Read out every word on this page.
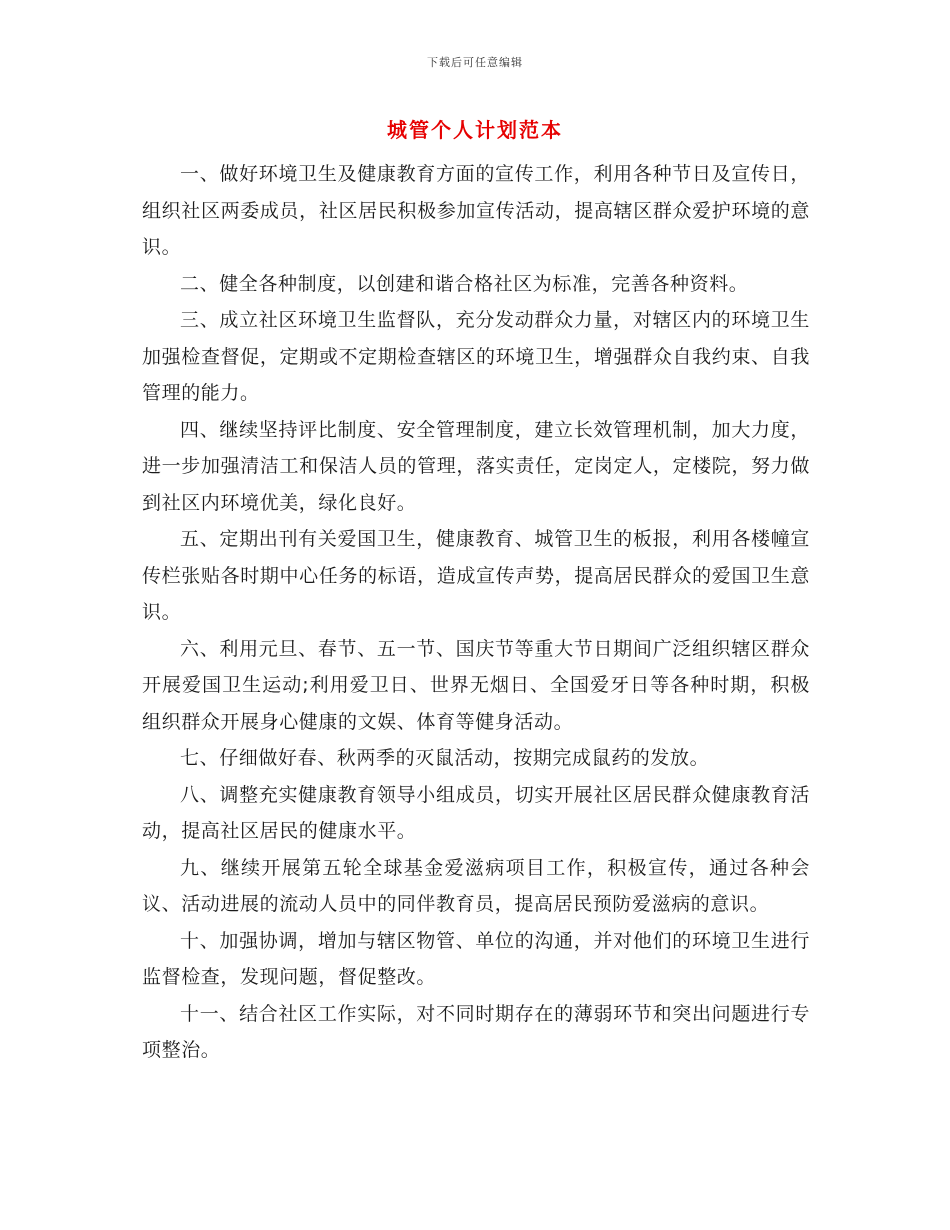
下载后可任意编辑
城管个人计划范本

一、做好环境卫生及健康教育方面的宣传工作，利用各种节日及宣传日，组织社区两委成员，社区居民积极参加宣传活动，提高辖区群众爱护环境的意识。

二、健全各种制度，以创建和谐合格社区为标准，完善各种资料。

三、成立社区环境卫生监督队，充分发动群众力量，对辖区内的环境卫生加强检查督促，定期或不定期检查辖区的环境卫生，增强群众自我约束、自我管理的能力。

四、继续坚持评比制度、安全管理制度，建立长效管理机制，加大力度，进一步加强清洁工和保洁人员的管理，落实责任，定岗定人，定楼院，努力做到社区内环境优美，绿化良好。

五、定期出刊有关爱国卫生，健康教育、城管卫生的板报，利用各楼幢宣传栏张贴各时期中心任务的标语，造成宣传声势，提高居民群众的爱国卫生意识。

六、利用元旦、春节、五一节、国庆节等重大节日期间广泛组织辖区群众开展爱国卫生运动;利用爱卫日、世界无烟日、全国爱牙日等各种时期，积极组织群众开展身心健康的文娱、体育等健身活动。

七、仔细做好春、秋两季的灭鼠活动，按期完成鼠药的发放。

八、调整充实健康教育领导小组成员，切实开展社区居民群众健康教育活动，提高社区居民的健康水平。

九、继续开展第五轮全球基金爱滋病项目工作，积极宣传，通过各种会议、活动进展的流动人员中的同伴教育员，提高居民预防爱滋病的意识。

十、加强协调，增加与辖区物管、单位的沟通，并对他们的环境卫生进行监督检查，发现问题，督促整改。

十一、结合社区工作实际，对不同时期存在的薄弱环节和突出问题进行专项整治。
